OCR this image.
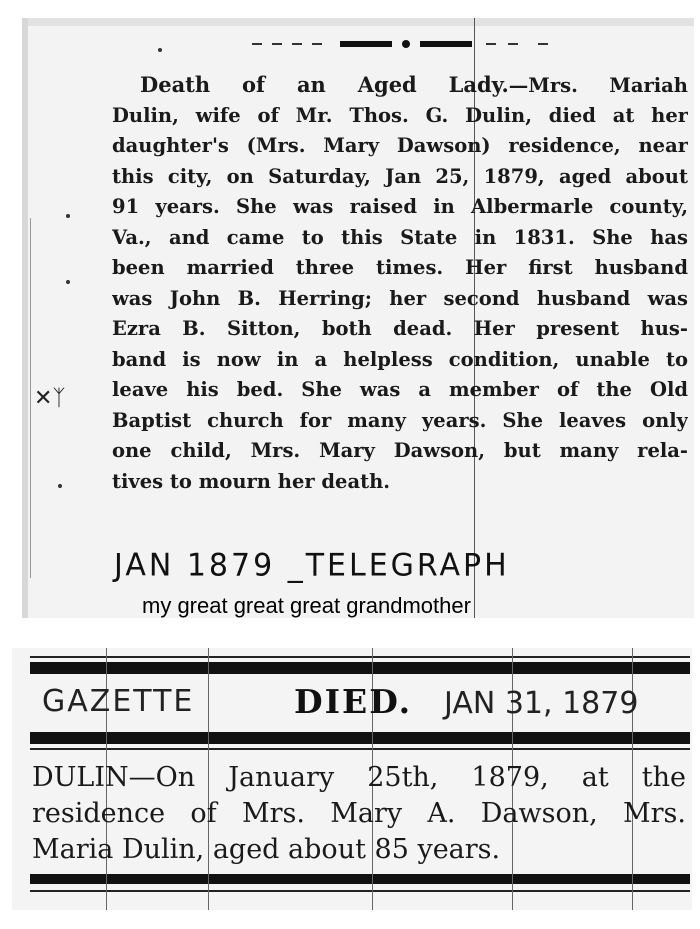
✕ᛉ
Death of an Aged Lady.—Mrs. Mariah
Dulin, wife of Mr. Thos. G. Dulin, died at her
daughter's (Mrs. Mary Dawson) residence, near
this city, on Saturday, Jan 25, 1879, aged about
91 years. She was raised in Albermarle county,
Va., and came to this State in 1831. She has
been married three times. Her first husband
was John B. Herring; her second husband was
Ezra B. Sitton, both dead. Her present hus-
band is now in a helpless condition, unable to
leave his bed. She was a member of the Old
Baptist church for many years. She leaves only
one child, Mrs. Mary Dawson, but many rela-
tives to mourn her death.
JAN 1879 _TELEGRAPH
my great great great grandmother
GAZETTE	DIED. JAN 31, 1879
DULIN—On January 25th, 1879, at the
residence of Mrs. Mary A. Dawson, Mrs.
Maria Dulin, aged about 85 years.
